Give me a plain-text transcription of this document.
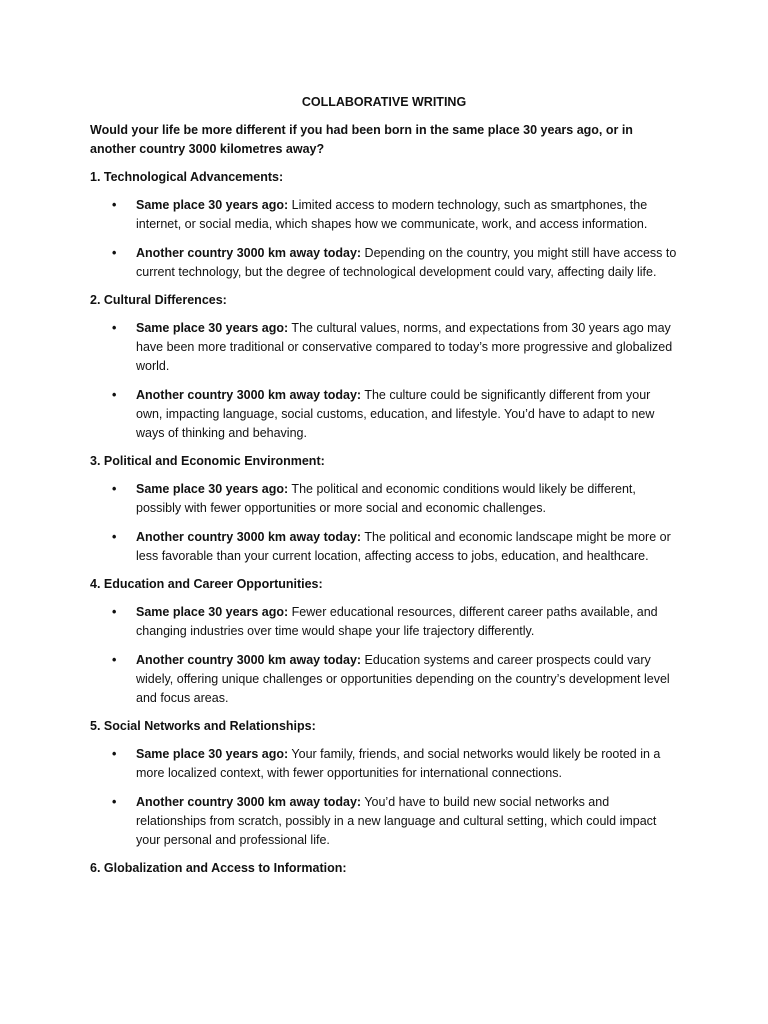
COLLABORATIVE WRITING
Would your life be more different if you had been born in the same place 30 years ago, or in another country 3000 kilometres away?
1. Technological Advancements:
• Same place 30 years ago: Limited access to modern technology, such as smartphones, the internet, or social media, which shapes how we communicate, work, and access information.
• Another country 3000 km away today: Depending on the country, you might still have access to current technology, but the degree of technological development could vary, affecting daily life.
2. Cultural Differences:
• Same place 30 years ago: The cultural values, norms, and expectations from 30 years ago may have been more traditional or conservative compared to today’s more progressive and globalized world.
• Another country 3000 km away today: The culture could be significantly different from your own, impacting language, social customs, education, and lifestyle. You’d have to adapt to new ways of thinking and behaving.
3. Political and Economic Environment:
• Same place 30 years ago: The political and economic conditions would likely be different, possibly with fewer opportunities or more social and economic challenges.
• Another country 3000 km away today: The political and economic landscape might be more or less favorable than your current location, affecting access to jobs, education, and healthcare.
4. Education and Career Opportunities:
• Same place 30 years ago: Fewer educational resources, different career paths available, and changing industries over time would shape your life trajectory differently.
• Another country 3000 km away today: Education systems and career prospects could vary widely, offering unique challenges or opportunities depending on the country’s development level and focus areas.
5. Social Networks and Relationships:
• Same place 30 years ago: Your family, friends, and social networks would likely be rooted in a more localized context, with fewer opportunities for international connections.
• Another country 3000 km away today: You’d have to build new social networks and relationships from scratch, possibly in a new language and cultural setting, which could impact your personal and professional life.
6. Globalization and Access to Information:
